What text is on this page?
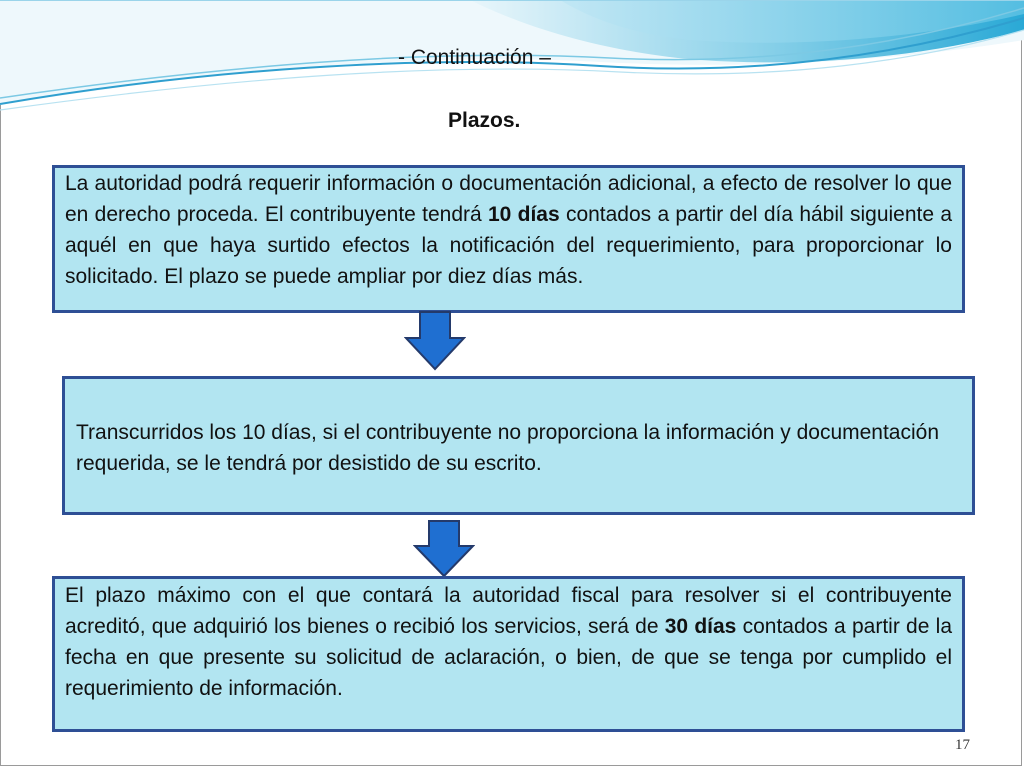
- Continuación –
Plazos.

La autoridad podrá requerir información o documentación adicional, a efecto de resolver lo que en derecho proceda. El contribuyente tendrá 10 días contados a partir del día hábil siguiente a aquél en que haya surtido efectos la notificación del requerimiento, para proporcionar lo solicitado. El plazo se puede ampliar por diez días más.

Transcurridos los 10 días, si el contribuyente no proporciona la información y documentación requerida, se le tendrá por desistido de su escrito.

El plazo máximo con el que contará la autoridad fiscal para resolver si el contribuyente acreditó, que adquirió los bienes o recibió los servicios, será de 30 días contados a partir de la fecha en que presente su solicitud de aclaración, o bien, de que se tenga por cumplido el requerimiento de información.

17
